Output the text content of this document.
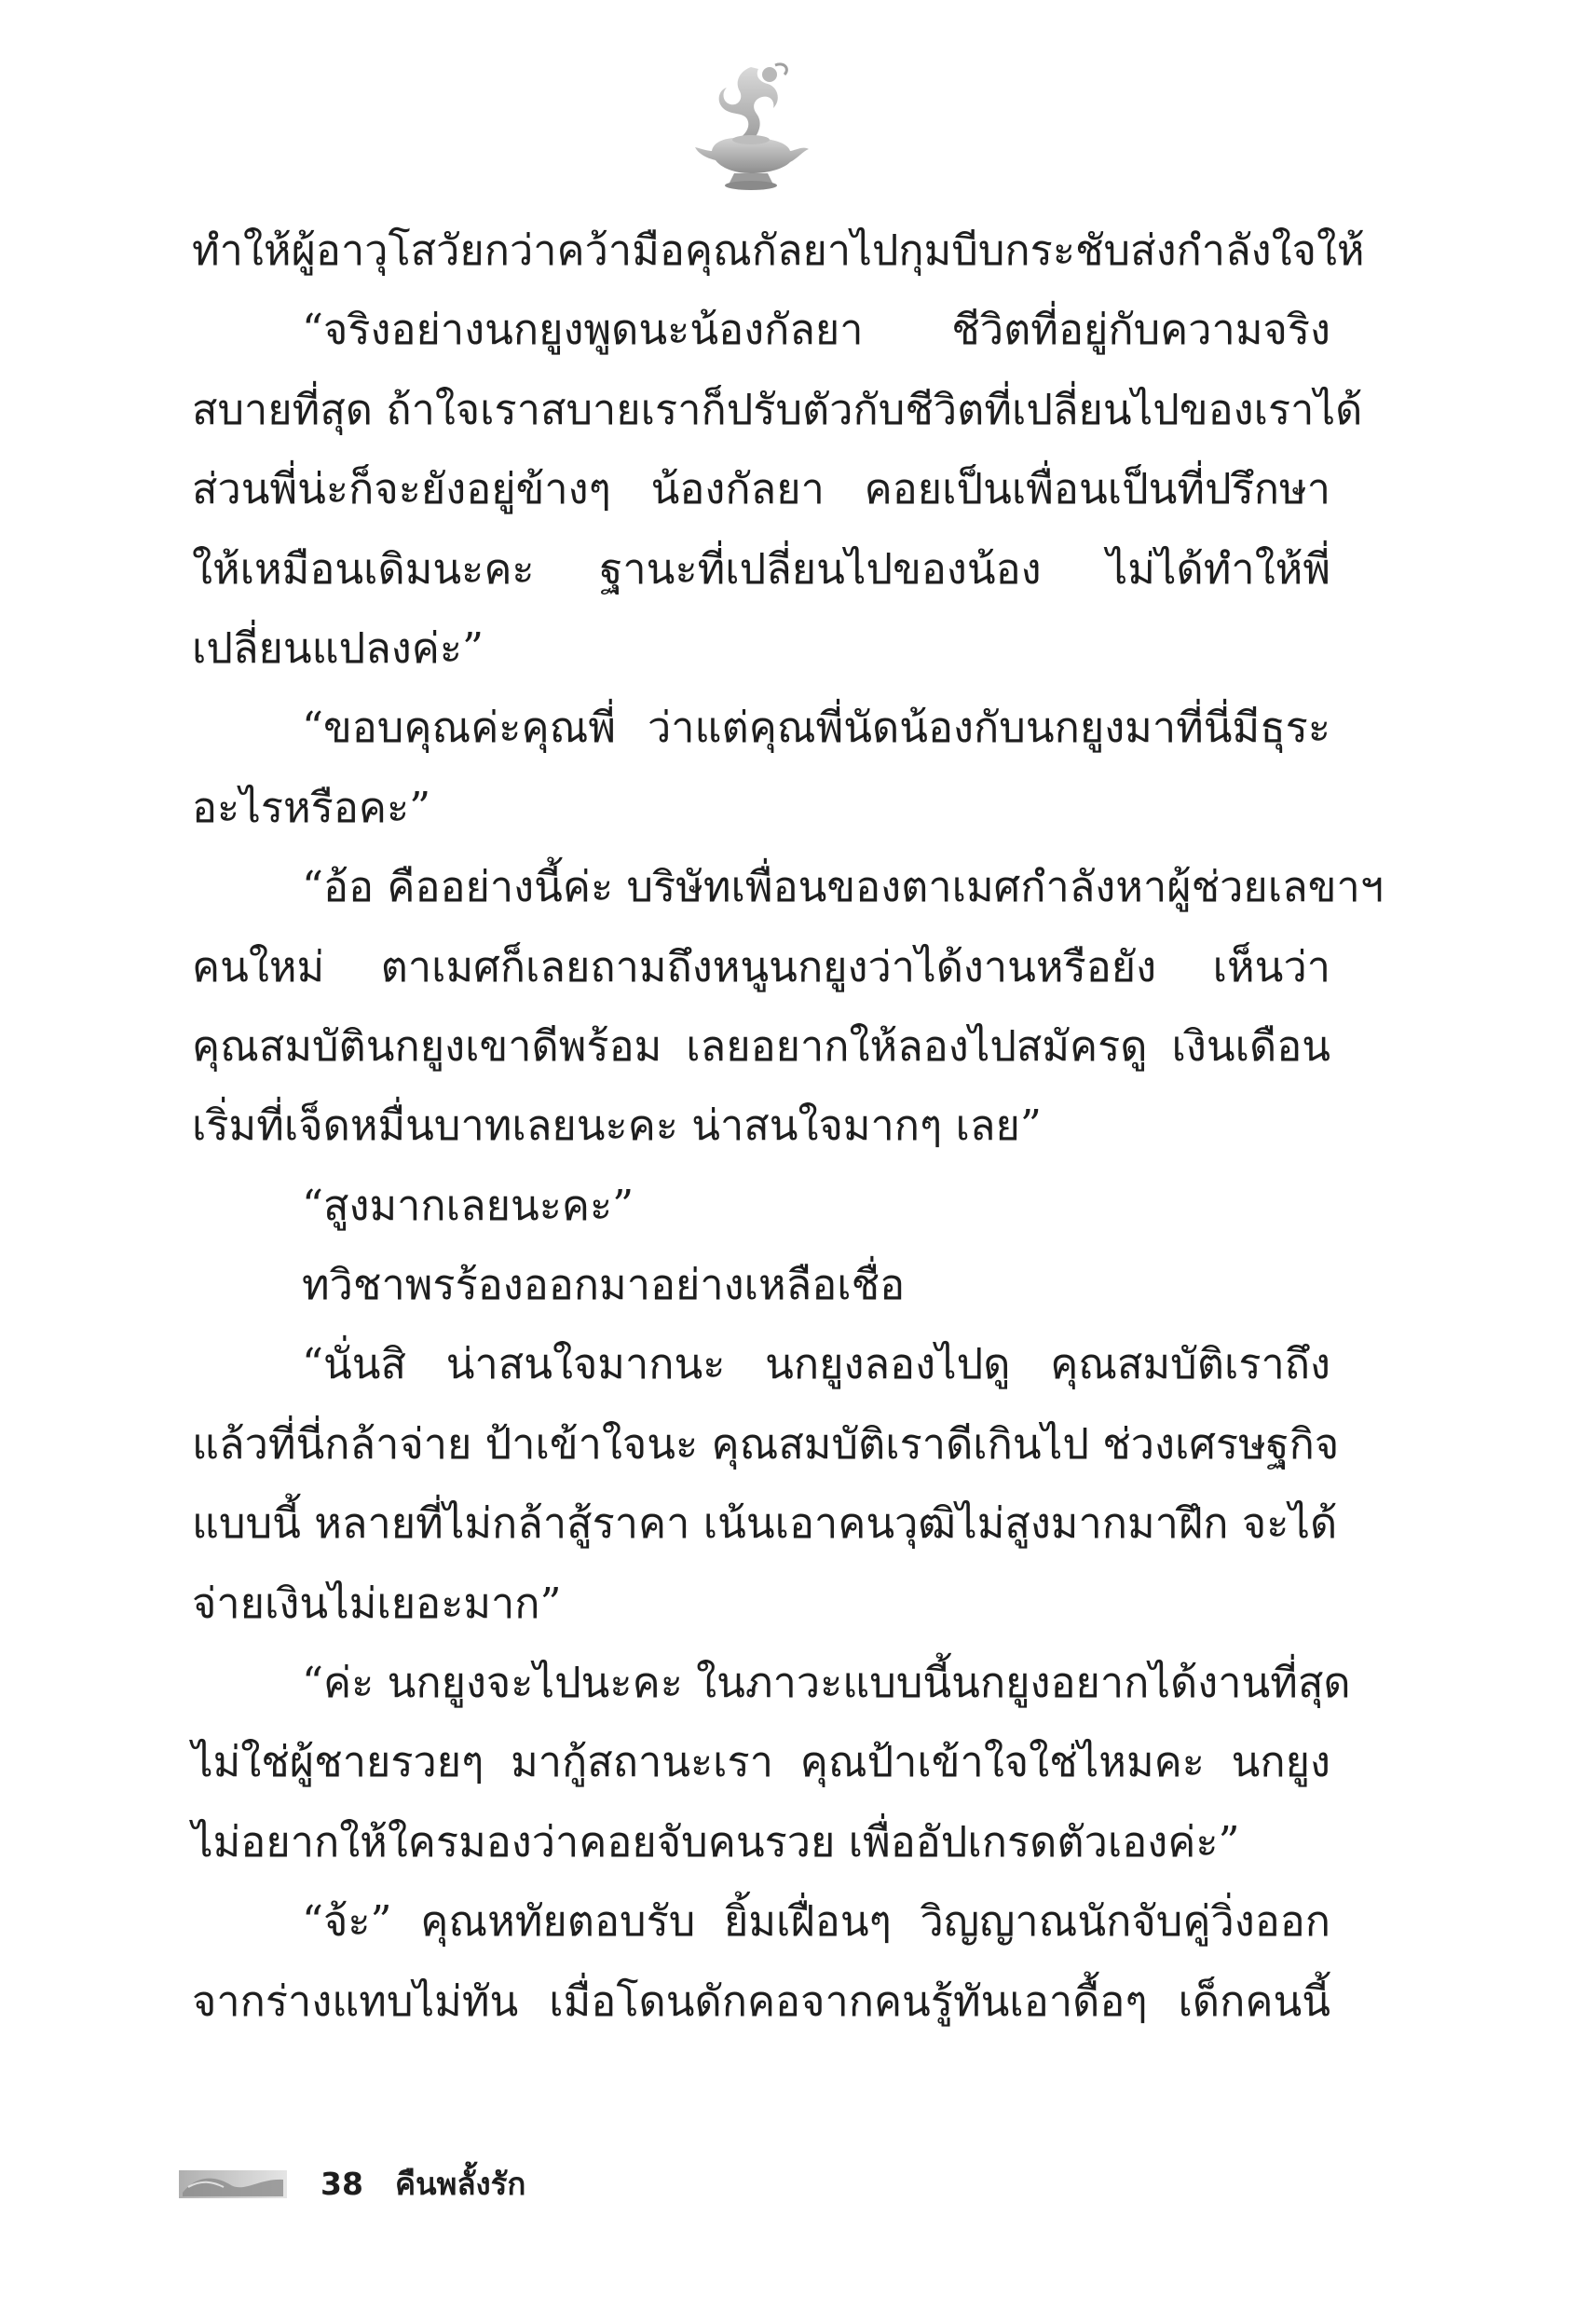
ทำให้ผู้อาวุโสวัยกว่าคว้ามือคุณกัลยาไปกุมบีบกระชับส่งกำลังใจให้
“จริงอย่างนกยูงพูดนะน้องกัลยา ชีวิตที่อยู่กับความจริง
สบายที่สุด ถ้าใจเราสบายเราก็ปรับตัวกับชีวิตที่เปลี่ยนไปของเราได้
ส่วนพี่น่ะก็จะยังอยู่ข้างๆ น้องกัลยา คอยเป็นเพื่อนเป็นที่ปรึกษา
ให้เหมือนเดิมนะคะ ฐานะที่เปลี่ยนไปของน้อง ไม่ได้ทำให้พี่
เปลี่ยนแปลงค่ะ”
“ขอบคุณค่ะคุณพี่ ว่าแต่คุณพี่นัดน้องกับนกยูงมาที่นี่มีธุระ
อะไรหรือคะ”
“อ้อ คืออย่างนี้ค่ะ บริษัทเพื่อนของตาเมศกำลังหาผู้ช่วยเลขาฯ
คนใหม่ ตาเมศก็เลยถามถึงหนูนกยูงว่าได้งานหรือยัง เห็นว่า
คุณสมบัตินกยูงเขาดีพร้อม เลยอยากให้ลองไปสมัครดู เงินเดือน
เริ่มที่เจ็ดหมื่นบาทเลยนะคะ น่าสนใจมากๆ เลย”
“สูงมากเลยนะคะ”
ทวิชาพรร้องออกมาอย่างเหลือเชื่อ
“นั่นสิ น่าสนใจมากนะ นกยูงลองไปดู คุณสมบัติเราถึง
แล้วที่นี่กล้าจ่าย ป้าเข้าใจนะ คุณสมบัติเราดีเกินไป ช่วงเศรษฐกิจ
แบบนี้ หลายที่ไม่กล้าสู้ราคา เน้นเอาคนวุฒิไม่สูงมากมาฝึก จะได้
จ่ายเงินไม่เยอะมาก”
“ค่ะ นกยูงจะไปนะคะ ในภาวะแบบนี้นกยูงอยากได้งานที่สุด
ไม่ใช่ผู้ชายรวยๆ มากู้สถานะเรา คุณป้าเข้าใจใช่ไหมคะ นกยูง
ไม่อยากให้ใครมองว่าคอยจับคนรวย เพื่ออัปเกรดตัวเองค่ะ”
“จ้ะ” คุณหทัยตอบรับ ยิ้มเฝื่อนๆ วิญญาณนักจับคู่วิ่งออก
จากร่างแทบไม่ทัน เมื่อโดนดักคอจากคนรู้ทันเอาดื้อๆ เด็กคนนี้
38 คืนพลั้งรัก
